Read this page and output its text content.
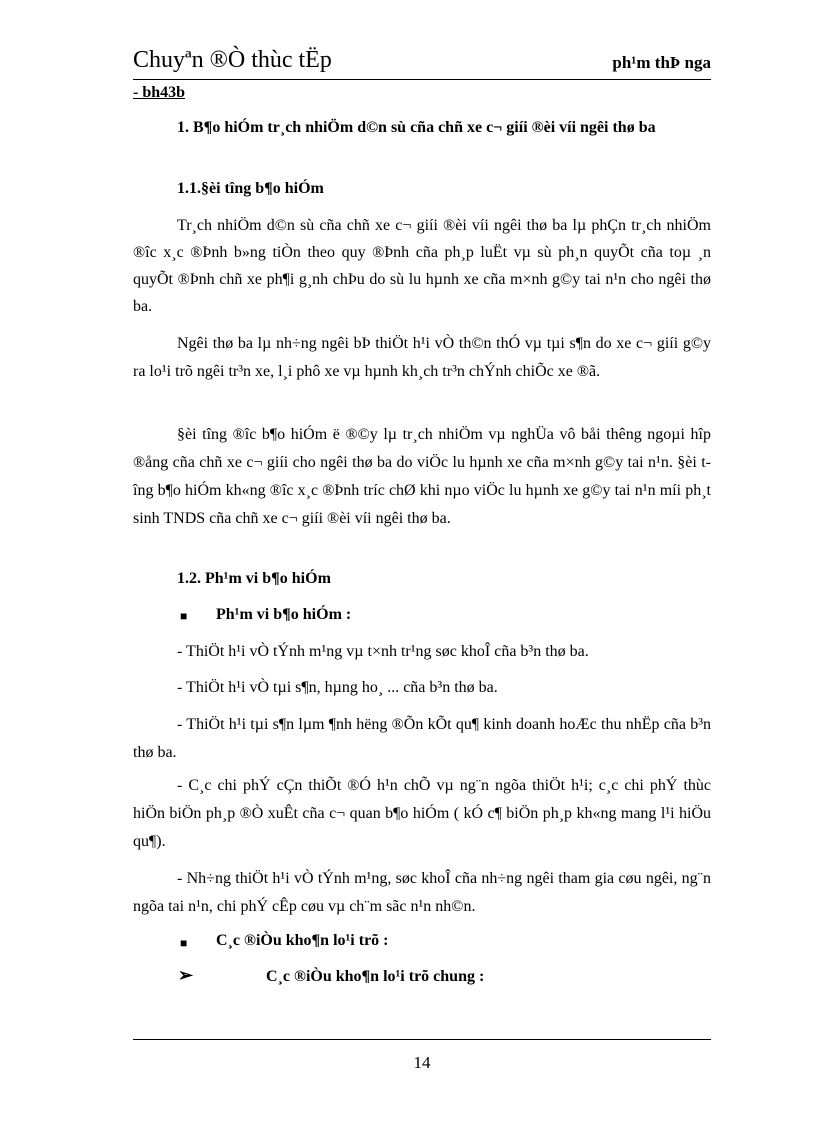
Chuyªn ®Ò thùc tËp	ph¹m thÞ nga
- bh43b
1. B¶o hiÓm tr¸ch nhiÖm d©n sù cña chñ xe c¬ giíi ®èi víi ngêi thø ba
1.1.§èi tîng b¶o hiÓm
Tr¸ch nhiÖm d©n sù cña chñ xe c¬ giíi ®èi víi ngêi thø ba lµ phÇn tr¸ch nhiÖm ®îc x¸c ®Þnh b»ng tiÒn theo quy ®Þnh cña ph¸p luËt vµ sù ph¸n quyÕt cña toµ ¸n quyÕt ®Þnh chñ xe ph¶i g¸nh chÞu do sù lu hµnh xe cña m×nh g©y tai n¹n cho ngêi thø ba.
Ngêi thø ba lµ nh÷ng ngêi bÞ thiÖt h¹i vÒ th©n thÓ vµ tµi s¶n do xe c¬ giíi g©y ra lo¹i trõ ngêi tr³n xe, l¸i phô xe vµ hµnh kh¸ch tr³n chÝnh chiÕc xe ®ã.
§èi tîng ®îc b¶o hiÓm ë ®©y lµ tr¸ch nhiÖm vµ nghÜa vô båi thêng ngoµi hîp ®ång cña chñ xe c¬ giíi cho ngêi thø ba do viÖc lu hµnh xe cña m×nh g©y tai n¹n. §èi tîng b¶o hiÓm kh«ng ®îc x¸c ®Þnh tríc chØ khi nµo viÖc lu hµnh xe g©y tai n¹n míi ph¸t sinh TNDS cña chñ xe c¬ giíi ®èi víi ngêi thø ba.
1.2. Ph¹m vi b¶o hiÓm
■ Ph¹m vi b¶o hiÓm :
- ThiÖt h¹i vÒ tÝnh m¹ng vµ t×nh tr¹ng søc khoÎ cña b³n thø ba.
- ThiÖt h¹i vÒ tµi s¶n, hµng ho¸ ... cña b³n thø ba.
- ThiÖt h¹i tµi s¶n lµm ¶nh hëng ®Õn kÕt qu¶ kinh doanh hoÆc thu nhËp cña b³n thø ba.
- C¸c chi phÝ cÇn thiÕt ®Ó h¹n chÕ vµ ng¨n ngõa thiÖt h¹i; c¸c chi phÝ thùc hiÖn biÖn ph¸p ®Ò xuÊt cña c¬ quan b¶o hiÓm ( kÓ c¶ biÖn ph¸p kh«ng mang l¹i hiÖu qu¶).
- Nh÷ng thiÖt h¹i vÒ tÝnh m¹ng, søc khoÎ cña nh÷ng ngêi tham gia cøu ngêi, ng¨n ngõa tai n¹n, chi phÝ cÊp cøu vµ ch¨m sãc n¹n nh©n.
■ C¸c ®iÒu kho¶n lo¹i trõ :
➢	C¸c ®iÒu kho¶n lo¹i trõ chung :
14
